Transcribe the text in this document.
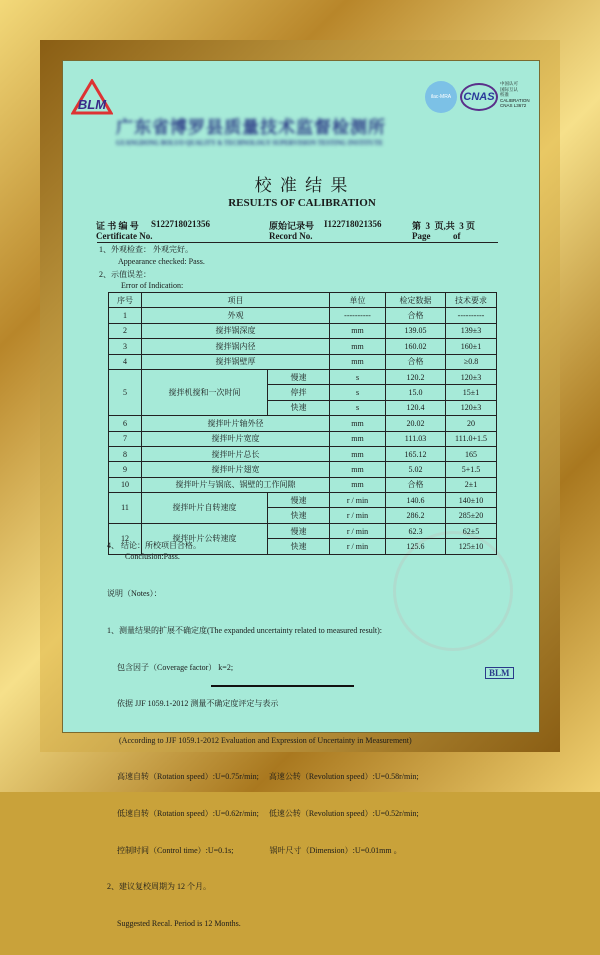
BLM
广东省博罗县质量技术监督检测所
GUANGDONG BOLUO QUALITY & TECHNOLOGY SUPERVISION TESTING INSTITUTE
ilac-MRA	CNAS
中国认可
国际互认
校准
CALIBRATION
CNAS L3672
校 准 结 果
RESULTS OF CALIBRATION
证 书 编 号 S122718021356
Certificate No.
原始记录号 I122718021356
Record No.
第  3  页,共  3 页
Page          of
1、外观检查： 外观完好。
Appearance checked: Pass.
2、示值误差：
Error of Indication:
序号	项目		单位	检定数据	技术要求
1	外观		----------	合格	----------
2	搅拌锅深度		mm	139.05	139±3
3	搅拌锅内径		mm	160.02	160±1
4	搅拌锅壁厚		mm	合格	≥0.8
5	搅拌机搅和一次时间	慢速	s	120.2	120±3
		停拌	s	15.0	15±1
		快速	s	120.4	120±3
6	搅拌叶片轴外径		mm	20.02	20
7	搅拌叶片宽度		mm	111.03	111.0+1.5
8	搅拌叶片总长		mm	165.12	165
9	搅拌叶片翅宽		mm	5.02	5+1.5
10	搅拌叶片与锅底、锅壁的工作间隙		mm	合格	2±1
11	搅拌叶片自转速度	慢速	r / min	140.6	140±10
		快速	r / min	286.2	285±20
12	搅拌叶片公转速度	慢速	r / min	62.3	62±5
		快速	r / min	125.6	125±10
4、 结论：所校项目合格。
Conclusion:Pass.

说明（Notes）：

1、测量结果的扩展不确定度(The expanded uncertainty related to measured result):

包含因子（Coverage factor） k=2;

依据 JJF 1059.1-2012 测量不确定度评定与表示

(According to JJF 1059.1-2012 Evaluation and Expression of Uncertainty in Measurement)

高速自转（Rotation speed）:U=0.75r/min;     高速公转（Revolution speed）:U=0.58r/min;

低速自转（Rotation speed）:U=0.62r/min;     低速公转（Revolution speed）:U=0.52r/min;

控制时间（Control time）:U=0.1s;                  锅叶尺寸（Dimension）:U=0.01mm 。

2、建议复校周期为 12 个月。

Suggested Recal. Period is 12 Months.

BLM
